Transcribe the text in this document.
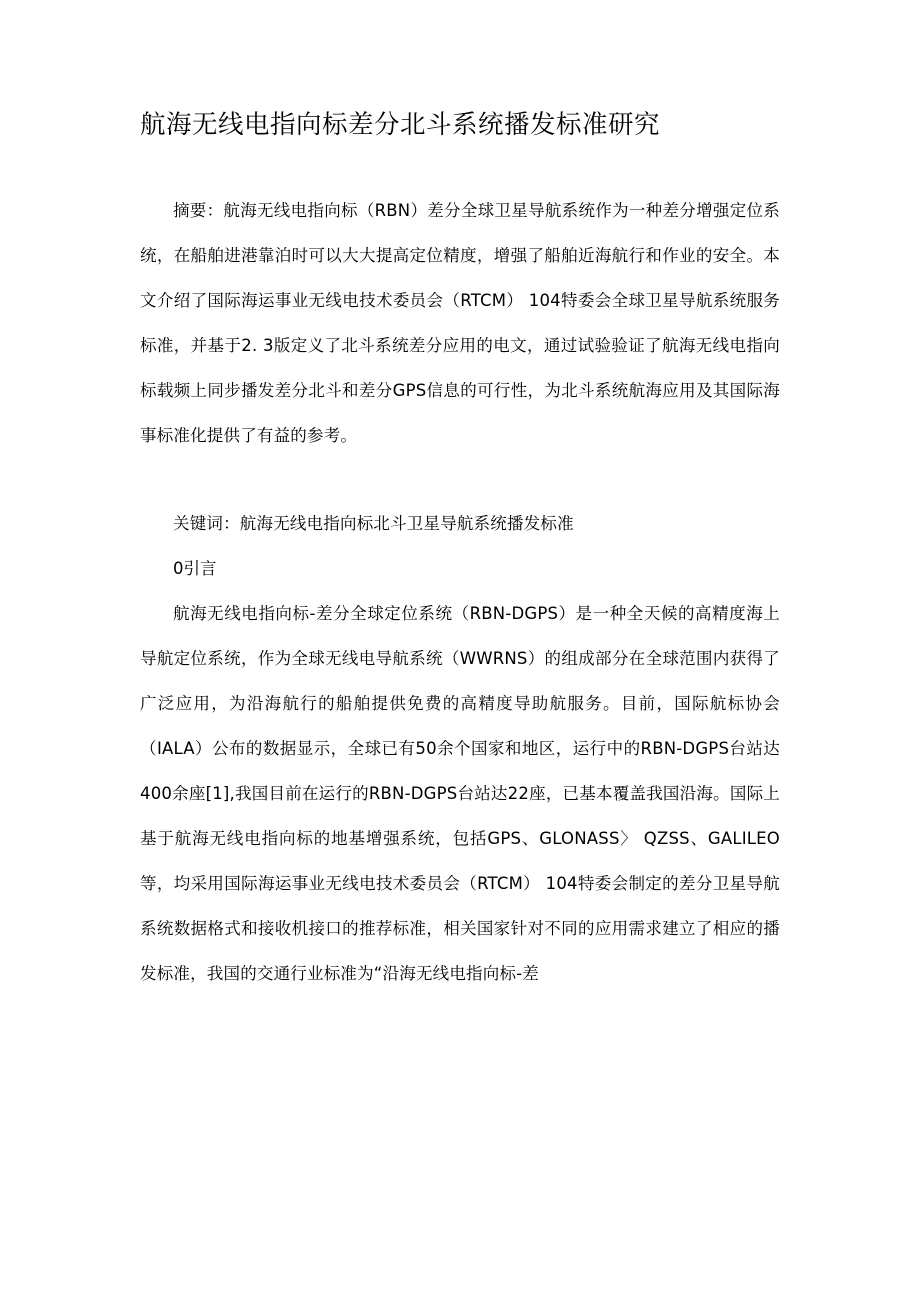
航海无线电指向标差分北斗系统播发标准研究

摘要：航海无线电指向标（RBN）差分全球卫星导航系统作为一种差分增强定位系统，在船舶进港靠泊时可以大大提高定位精度，增强了船舶近海航行和作业的安全。本文介绍了国际海运事业无线电技术委员会（RTCM） 104特委会全球卫星导航系统服务标准，并基于2. 3版定义了北斗系统差分应用的电文，通过试验验证了航海无线电指向标载频上同步播发差分北斗和差分GPS信息的可行性，为北斗系统航海应用及其国际海事标准化提供了有益的参考。

关键词：航海无线电指向标北斗卫星导航系统播发标准

0引言

航海无线电指向标-差分全球定位系统（RBN-DGPS）是一种全天候的高精度海上导航定位系统，作为全球无线电导航系统（WWRNS）的组成部分在全球范围内获得了广泛应用，为沿海航行的船舶提供免费的高精度导助航服务。目前，国际航标协会（IALA）公布的数据显示，全球已有50余个国家和地区，运行中的RBN-DGPS台站达400余座[1],我国目前在运行的RBN-DGPS台站达22座，已基本覆盖我国沿海。国际上基于航海无线电指向标的地基增强系统，包括GPS、GLONASS〉 QZSS、GALILEO等，均采用国际海运事业无线电技术委员会（RTCM） 104特委会制定的差分卫星导航系统数据格式和接收机接口的推荐标准，相关国家针对不同的应用需求建立了相应的播发标准，我国的交通行业标准为“沿海无线电指向标-差
